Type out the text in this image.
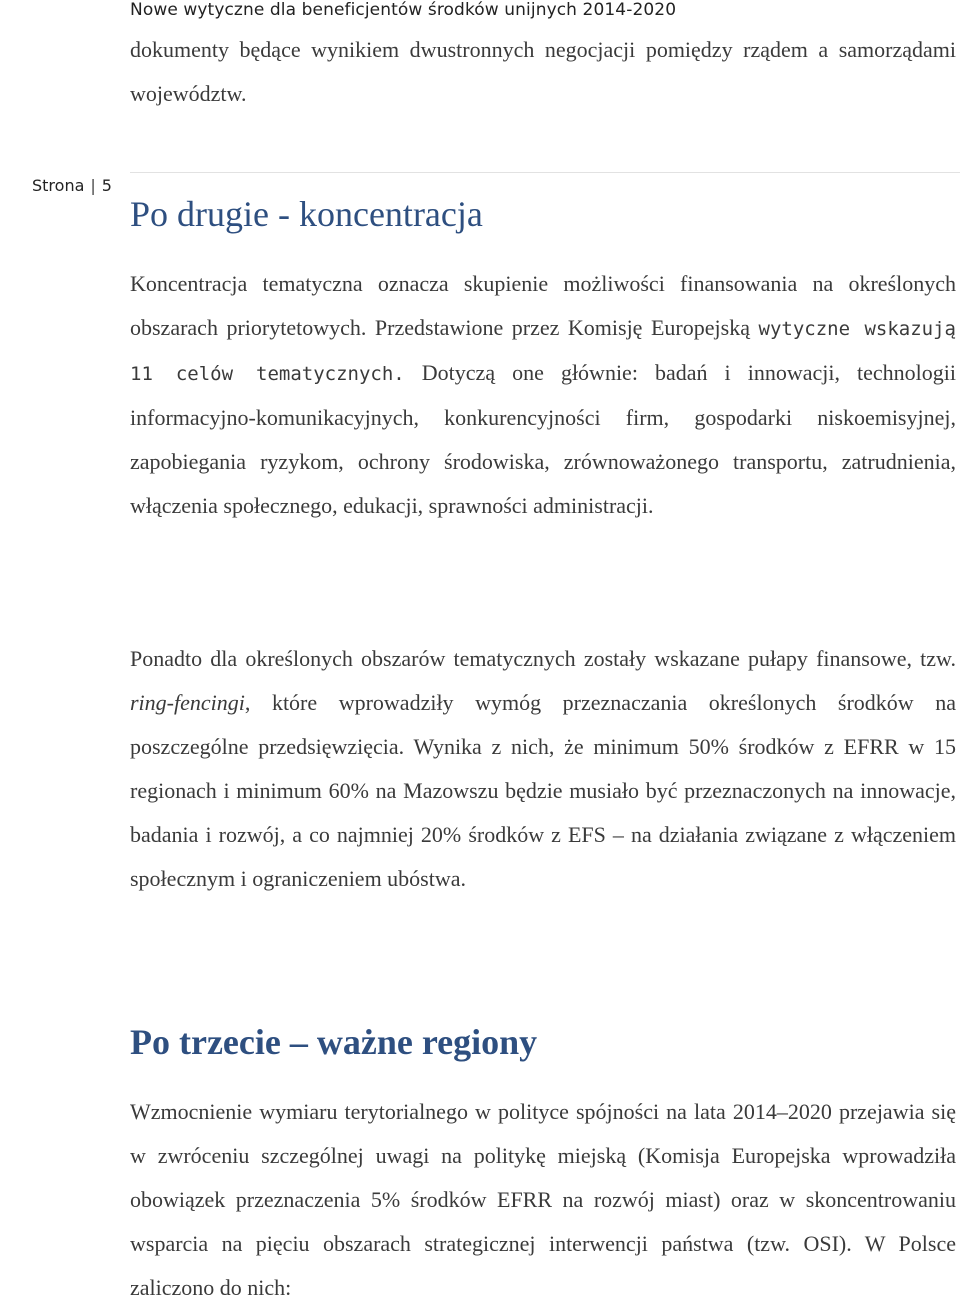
Nowe wytyczne dla beneficjentów środków unijnych 2014-2020

dokumenty będące wynikiem dwustronnych negocjacji pomiędzy rządem a samorządami województw.

Strona | 5
Po drugie - koncentracja

Koncentracja tematyczna oznacza skupienie możliwości finansowania na określonych obszarach priorytetowych. Przedstawione przez Komisję Europejską wytyczne wskazują 11 celów tematycznych. Dotyczą one głównie: badań i innowacji, technologii informacyjno-komunikacyjnych, konkurencyjności firm, gospodarki niskoemisyjnej, zapobiegania ryzykom, ochrony środowiska, zrównoważonego transportu, zatrudnienia, włączenia społecznego, edukacji, sprawności administracji.

Ponadto dla określonych obszarów tematycznych zostały wskazane pułapy finansowe, tzw. ring-fencingi, które wprowadziły wymóg przeznaczania określonych środków na poszczególne przedsięwzięcia. Wynika z nich, że minimum 50% środków z EFRR w 15 regionach i minimum 60% na Mazowszu będzie musiało być przeznaczonych na innowacje, badania i rozwój, a co najmniej 20% środków z EFS – na działania związane z włączeniem społecznym i ograniczeniem ubóstwa.

Po trzecie – ważne regiony

Wzmocnienie wymiaru terytorialnego w polityce spójności na lata 2014–2020 przejawia się w zwróceniu szczególnej uwagi na politykę miejską (Komisja Europejska wprowadziła obowiązek przeznaczenia 5% środków EFRR na rozwój miast) oraz w skoncentrowaniu wsparcia na pięciu obszarach strategicznej interwencji państwa (tzw. OSI). W Polsce zaliczono do nich:
